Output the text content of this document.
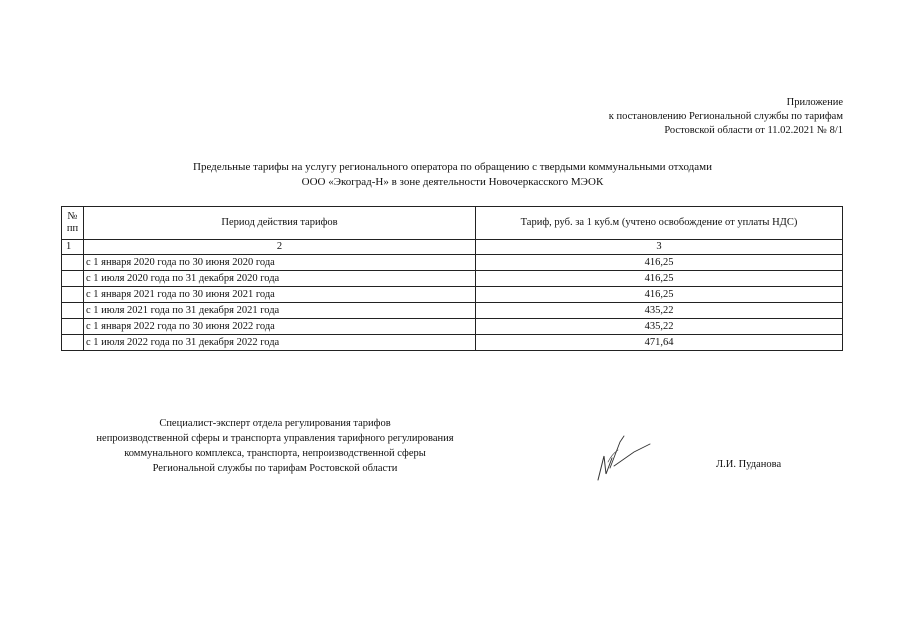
Приложение
к постановлению Региональной службы по тарифам
Ростовской области от 11.02.2021 № 8/1
Предельные тарифы на услугу регионального оператора по обращению с твердыми коммунальными отходами
ООО «Экоград-Н» в зоне деятельности Новочеркасского МЭОК
№
пп	Период действия тарифов	Тариф, руб. за 1 куб.м (учтено освобождение от уплаты НДС)
1	2	3
	с 1 января 2020 года по 30 июня 2020 года	416,25
	с 1 июля 2020 года по 31 декабря 2020 года	416,25
	с 1 января 2021 года по 30 июня 2021 года	416,25
	с 1 июля 2021 года по 31 декабря 2021 года	435,22
	с 1 января 2022 года по 30 июня 2022 года	435,22
	с 1 июля 2022 года по 31 декабря 2022 года	471,64
Специалист-эксперт отдела регулирования тарифов
непроизводственной сферы и транспорта управления тарифного регулирования
коммунального комплекса, транспорта, непроизводственной сферы
Региональной службы по тарифам Ростовской области	Л.И. Пуданова
